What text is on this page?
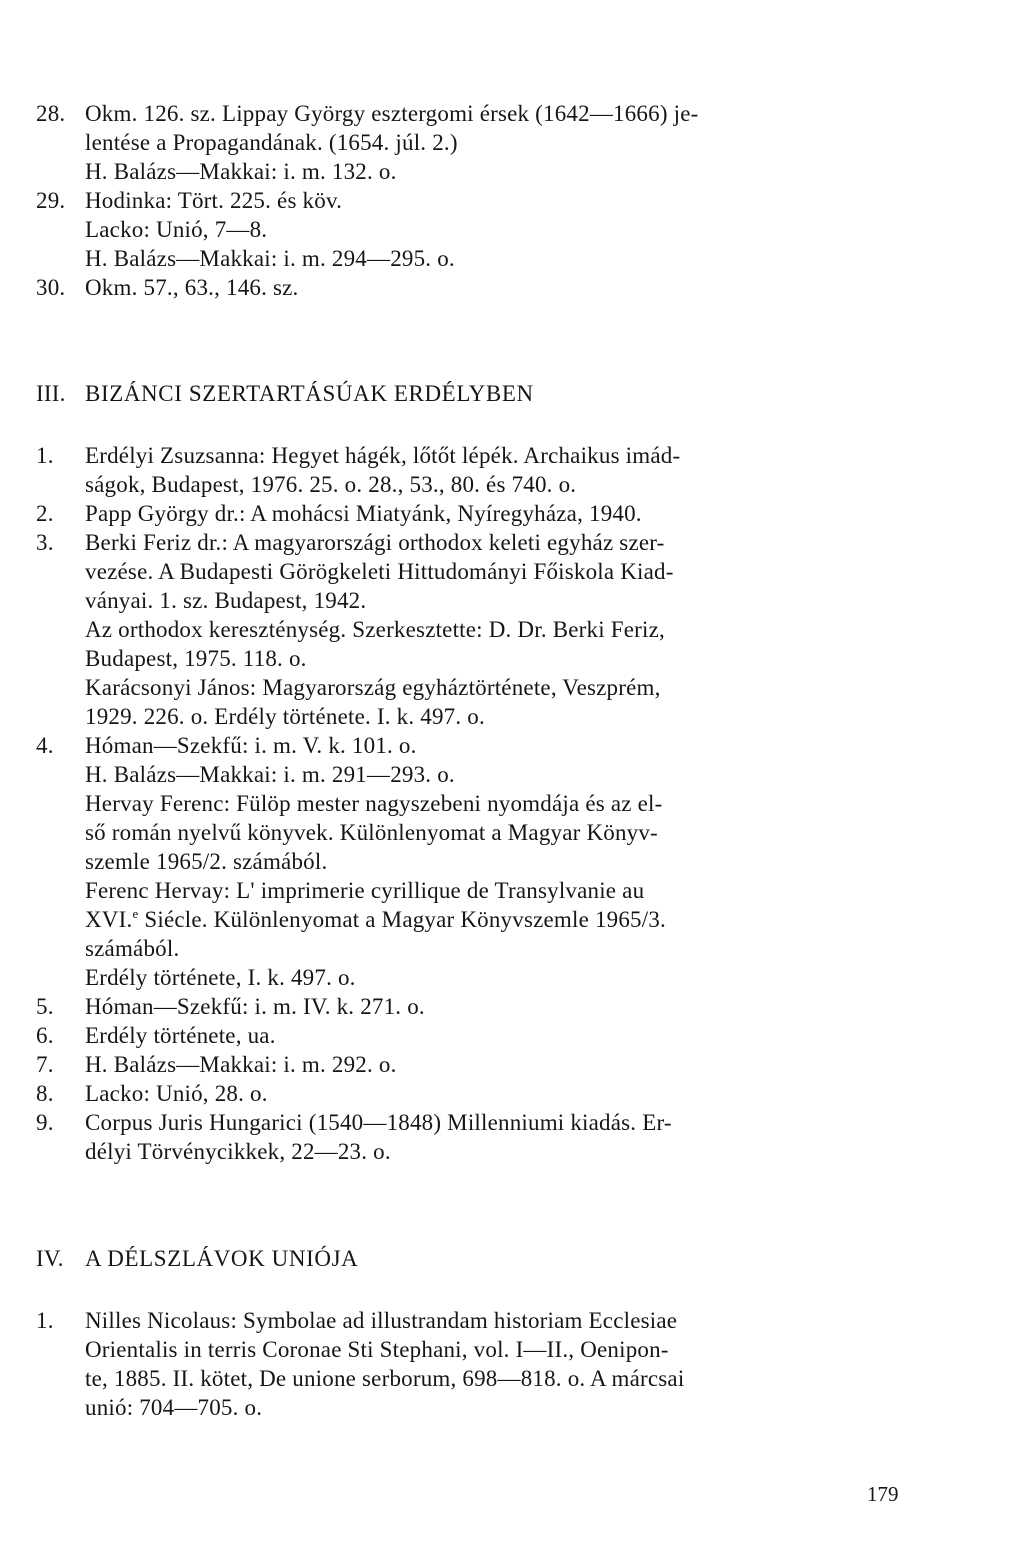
28. Okm. 126. sz. Lippay György esztergomi érsek (1642—1666) je-
lentése a Propagandának. (1654. júl. 2.)
H. Balázs—Makkai: i. m. 132. o.
29. Hodinka: Tört. 225. és köv.
Lacko: Unió, 7—8.
H. Balázs—Makkai: i. m. 294—295. o.
30. Okm. 57., 63., 146. sz.
III. BIZÁNCI SZERTARTÁSÚAK ERDÉLYBEN
1. Erdélyi Zsuzsanna: Hegyet hágék, lőtőt lépék. Archaikus imád-
ságok, Budapest, 1976. 25. o. 28., 53., 80. és 740. o.
2. Papp György dr.: A mohácsi Miatyánk, Nyíregyháza, 1940.
3. Berki Feriz dr.: A magyarországi orthodox keleti egyház szer-
vezése. A Budapesti Görögkeleti Hittudományi Főiskola Kiad-
ványai. 1. sz. Budapest, 1942.
Az orthodox kereszténység. Szerkesztette: D. Dr. Berki Feriz,
Budapest, 1975. 118. o.
Karácsonyi János: Magyarország egyháztörténete, Veszprém,
1929. 226. o. Erdély története. I. k. 497. o.
4. Hóman—Szekfű: i. m. V. k. 101. o.
H. Balázs—Makkai: i. m. 291—293. o.
Hervay Ferenc: Fülöp mester nagyszebeni nyomdája és az el-
ső román nyelvű könyvek. Különlenyomat a Magyar Könyv-
szemle 1965/2. számából.
Ferenc Hervay: L' imprimerie cyrillique de Transylvanie au
XVI.$^e$ Siécle. Különlenyomat a Magyar Könyvszemle 1965/3.
számából.
Erdély története, I. k. 497. o.
5. Hóman—Szekfű: i. m. IV. k. 271. o.
6. Erdély története, ua.
7. H. Balázs—Makkai: i. m. 292. o.
8. Lacko: Unió, 28. o.
9. Corpus Juris Hungarici (1540—1848) Millenniumi kiadás. Er-
délyi Törvénycikkek, 22—23. o.
IV. A DÉLSZLÁVOK UNIÓJA
1. Nilles Nicolaus: Symbolae ad illustrandam historiam Ecclesiae
Orientalis in terris Coronae Sti Stephani, vol. I—II., Oenipon-
te, 1885. II. kötet, De unione serborum, 698—818. o. A márcsai
unió: 704—705. o.
179
